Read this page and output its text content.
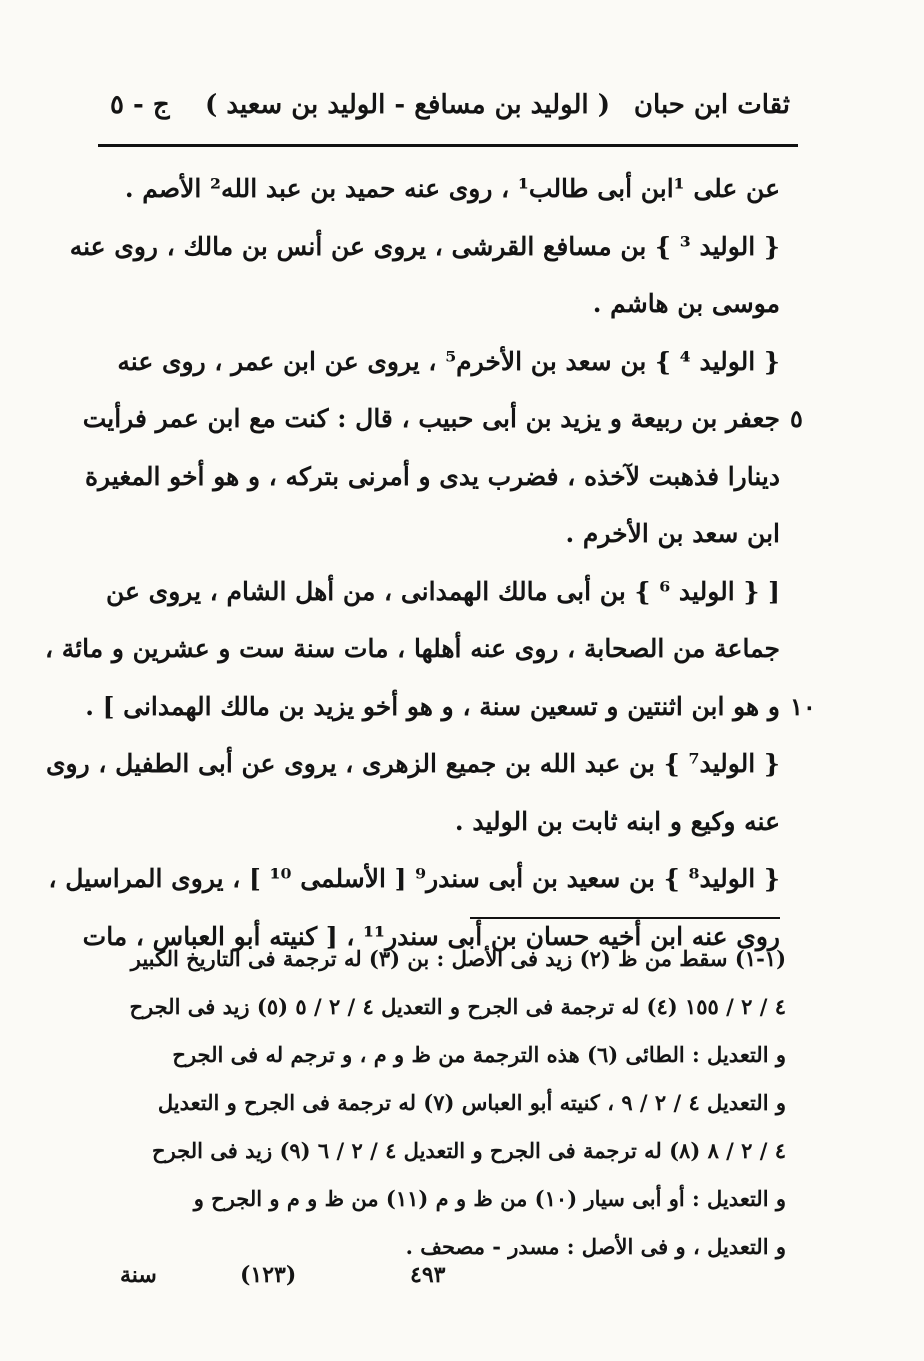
ثقات ابن حبان
( الوليد بن مسافع - الوليد بن سعيد )
ج - ٥
عن على ¹ابن أبى طالب¹ ، روى عنه حميد بن عبد الله² الأصم .
{ الوليد ³ } بن مسافع القرشى ، يروى عن أنس بن مالك ، روى عنه
موسى بن هاشم .
{ الوليد ⁴ } بن سعد بن الأخرم⁵ ، يروى عن ابن عمر ، روى عنه
جعفر بن ربيعة و يزيد بن أبى حبيب ، قال : كنت مع ابن عمر فرأيت
دينارا فذهبت لآخذه ، فضرب يدى و أمرنى بتركه ، و هو أخو المغيرة
ابن سعد بن الأخرم .
[ { الوليد ⁶ } بن أبى مالك الهمدانى ، من أهل الشام ، يروى عن
جماعة من الصحابة ، روى عنه أهلها ، مات سنة ست و عشرين و مائة ،
و هو ابن اثنتين و تسعين سنة ، و هو أخو يزيد بن مالك الهمدانى ] .
{ الوليد⁷ } بن عبد الله بن جميع الزهرى ، يروى عن أبى الطفيل ، روى
عنه وكيع و ابنه ثابت بن الوليد .
{ الوليد⁸ } بن سعيد بن أبى سندر⁹ [ الأسلمى ¹⁰ ] ، يروى المراسيل ،
روى عنه ابن أخيه حسان بن أبى سندر¹¹ ، [ كنيته أبو العباس ، مات
(١-١) سقط من ظ (٢) زيد فى الأصل : بن (٣) له ترجمة فى التاريخ الكبير
٤ / ٢ / ١٥٥ (٤) له ترجمة فى الجرح و التعديل ٤ / ٢ / ٥ (٥) زيد فى الجرح
و التعديل : الطائى (٦) هذه الترجمة من ظ و م ، و ترجم له فى الجرح
و التعديل ٤ / ٢ / ٩ ، كنيته أبو العباس (٧) له ترجمة فى الجرح و التعديل
٤ / ٢ / ٨ (٨) له ترجمة فى الجرح و التعديل ٤ / ٢ / ٦ (٩) زيد فى الجرح
و التعديل : أو أبى سيار (١٠) من ظ و م (١١) من ظ و م و الجرح و
و التعديل ، و فى الأصل : مسدر - مصحف .
سنة	(١٢٣)	٤٩٣
٥
١٠
